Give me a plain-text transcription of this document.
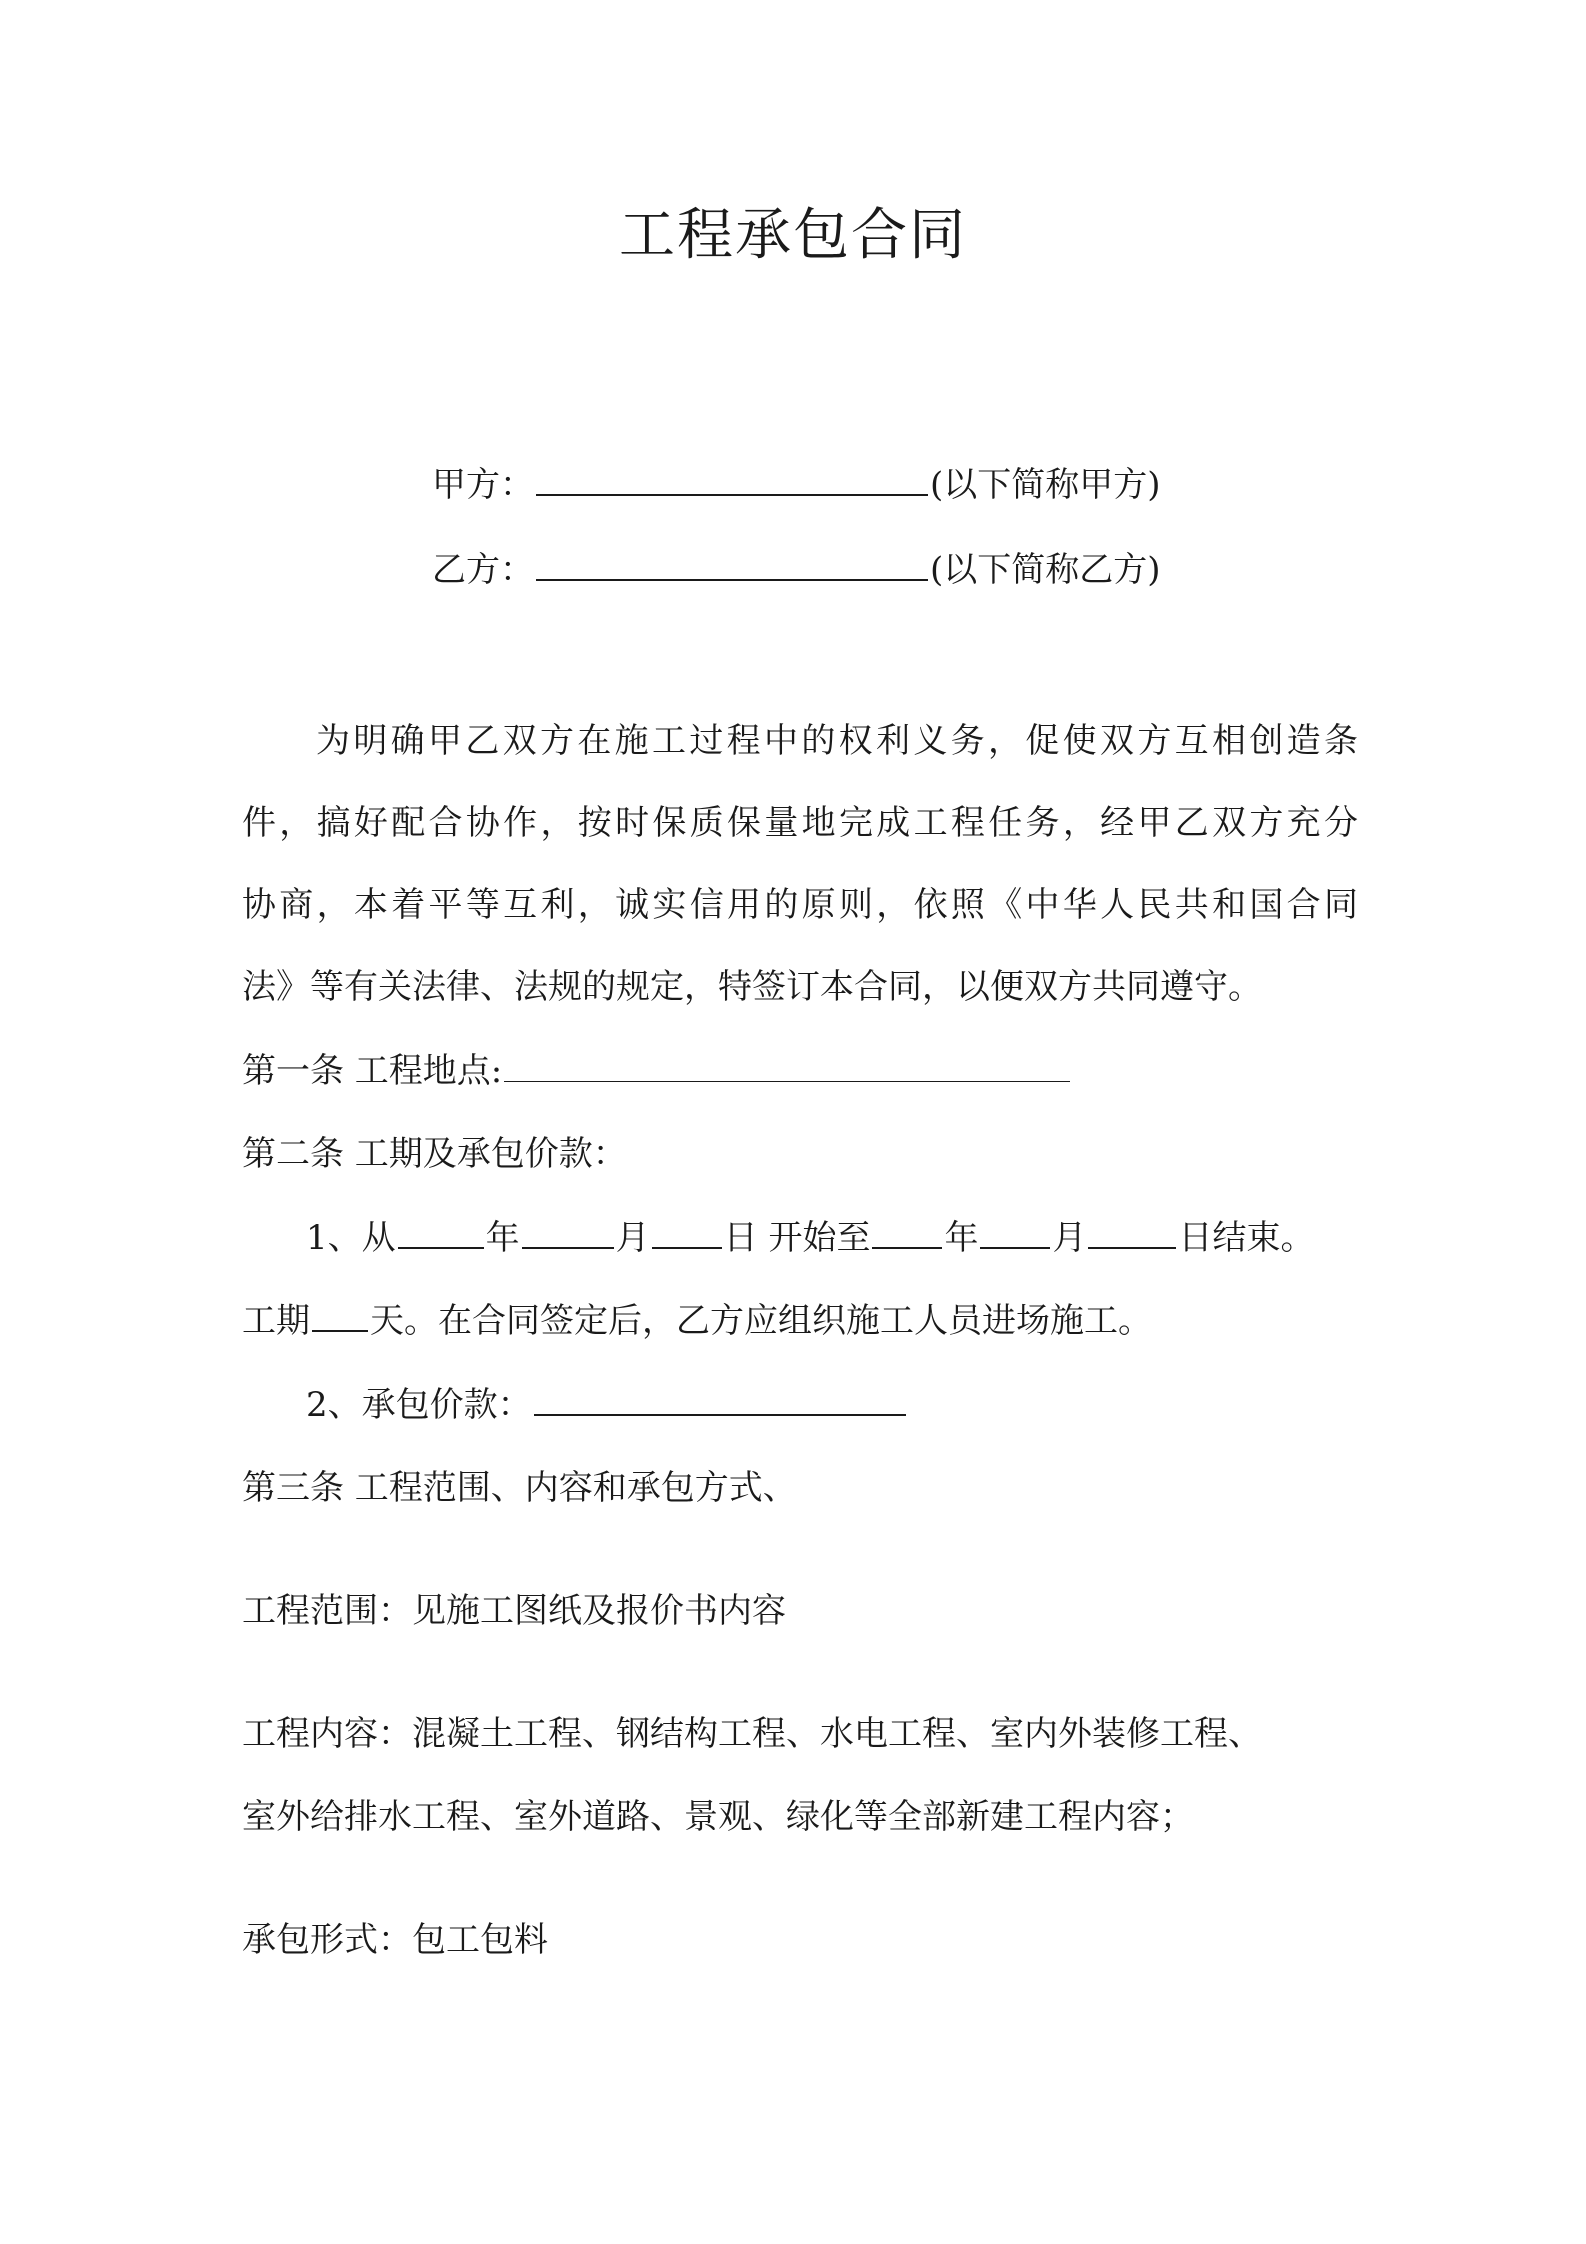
工程承包合同
甲方：	(以下简称甲方)
乙方：	(以下简称乙方)
为明确甲乙双方在施工过程中的权利义务，促使双方互相创造条
件，搞好配合协作，按时保质保量地完成工程任务，经甲乙双方充分
协商，本着平等互利，诚实信用的原则，依照《中华人民共和国合同
法》等有关法律、法规的规定，特签订本合同，以便双方共同遵守。
第一条 工程地点:
第二条 工期及承包价款：
1、从	年	月 日 开始至 年 月	日结束。
工期 天。在合同签定后，乙方应组织施工人员进场施工。
2、承包价款：
第三条 工程范围、内容和承包方式、
工程范围：见施工图纸及报价书内容
工程内容：混凝土工程、钢结构工程、水电工程、室内外装修工程、
室外给排水工程、室外道路、景观、绿化等全部新建工程内容；
承包形式：包工包料
